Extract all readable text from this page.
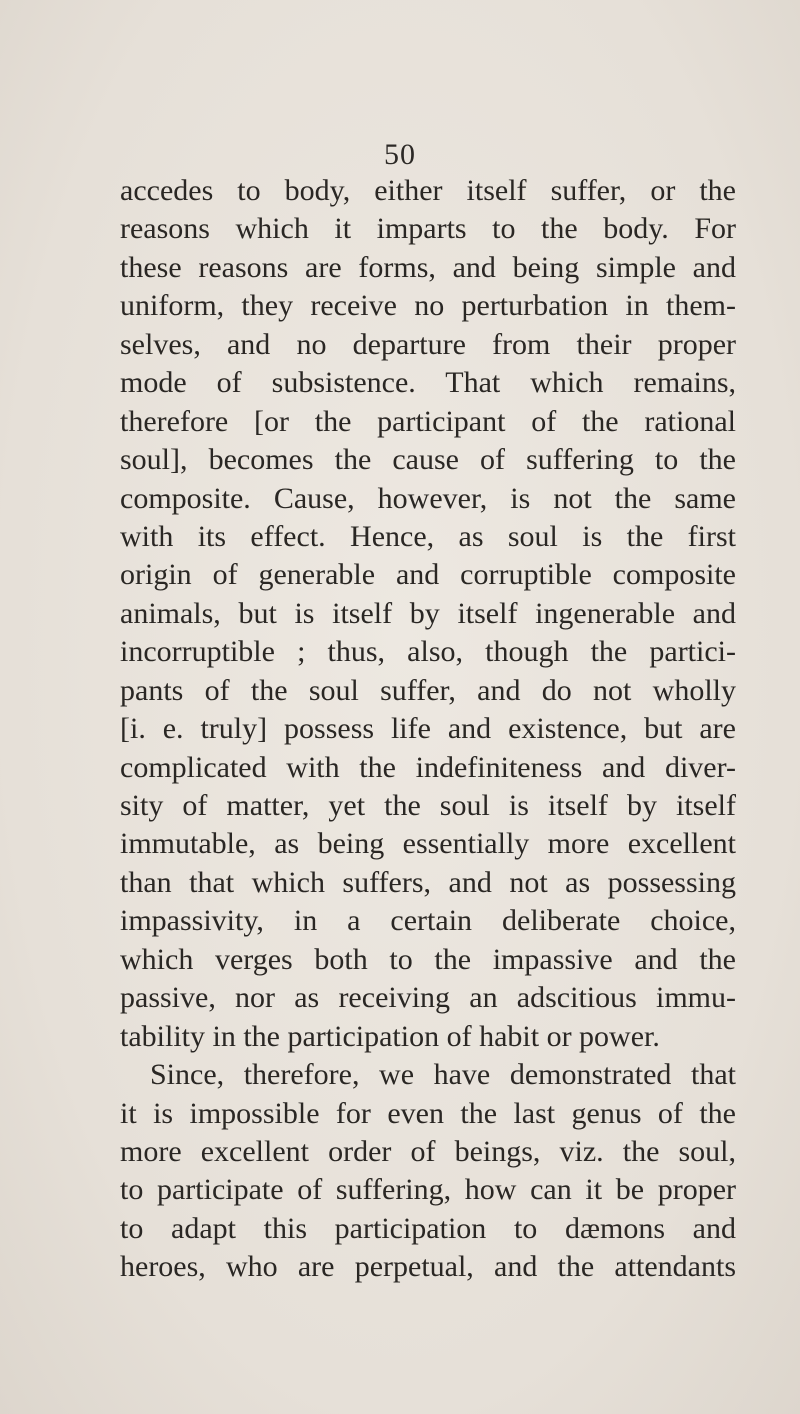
50
accedes to body, either itself suffer, or the
reasons which it imparts to the body. For
these reasons are forms, and being simple and
uniform, they receive no perturbation in them-
selves, and no departure from their proper
mode of subsistence. That which remains,
therefore [or the participant of the rational
soul], becomes the cause of suffering to the
composite. Cause, however, is not the same
with its effect. Hence, as soul is the first
origin of generable and corruptible composite
animals, but is itself by itself ingenerable and
incorruptible ; thus, also, though the partici-
pants of the soul suffer, and do not wholly
[i. e. truly] possess life and existence, but are
complicated with the indefiniteness and diver-
sity of matter, yet the soul is itself by itself
immutable, as being essentially more excellent
than that which suffers, and not as possessing
impassivity, in a certain deliberate choice,
which verges both to the impassive and the
passive, nor as receiving an adscitious immu-
tability in the participation of habit or power.
Since, therefore, we have demonstrated that
it is impossible for even the last genus of the
more excellent order of beings, viz. the soul,
to participate of suffering, how can it be proper
to adapt this participation to dæmons and
heroes, who are perpetual, and the attendants
